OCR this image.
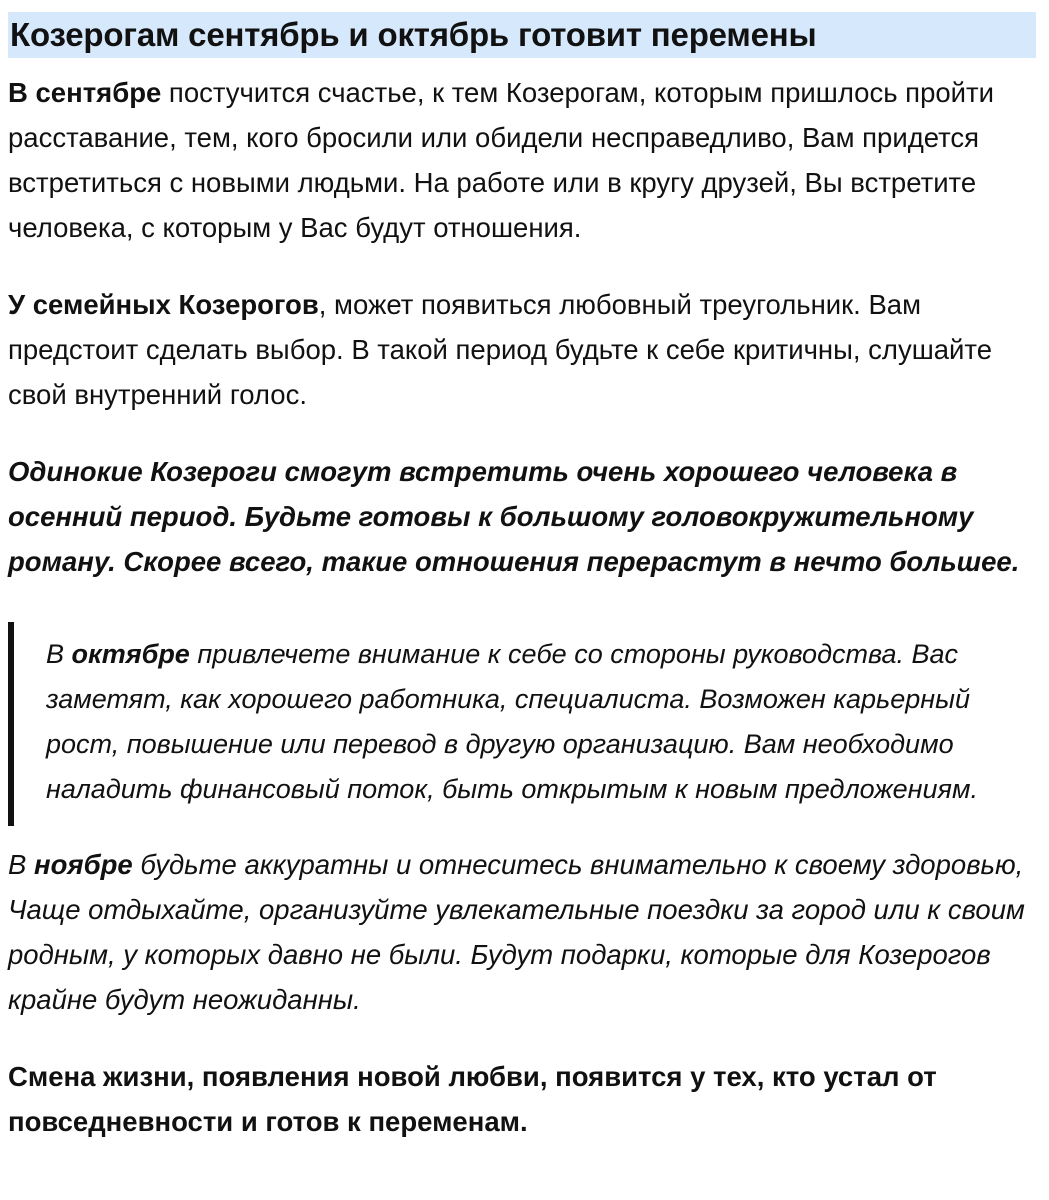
Козерогам сентябрь и октябрь готовит перемены

В сентябре постучится счастье, к тем Козерогам, которым пришлось пройти расставание, тем, кого бросили или обидели несправедливо, Вам придется встретиться с новыми людьми. На работе или в кругу друзей, Вы встретите человека, с которым у Вас будут отношения.

У семейных Козерогов, может появиться любовный треугольник. Вам предстоит сделать выбор. В такой период будьте к себе критичны, слушайте свой внутренний голос.

Одинокие Козероги смогут встретить очень хорошего человека в осенний период. Будьте готовы к большому головокружительному роману. Скорее всего, такие отношения перерастут в нечто большее.

В октябре привлечете внимание к себе со стороны руководства. Вас заметят, как хорошего работника, специалиста. Возможен карьерный рост, повышение или перевод в другую организацию. Вам необходимо наладить финансовый поток, быть открытым к новым предложениям.

В ноябре будьте аккуратны и отнеситесь внимательно к своему здоровью, Чаще отдыхайте, организуйте увлекательные поездки за город или к своим родным, у которых давно не были. Будут подарки, которые для Козерогов крайне будут неожиданны.

Смена жизни, появления новой любви, появится у тех, кто устал от повседневности и готов к переменам.
